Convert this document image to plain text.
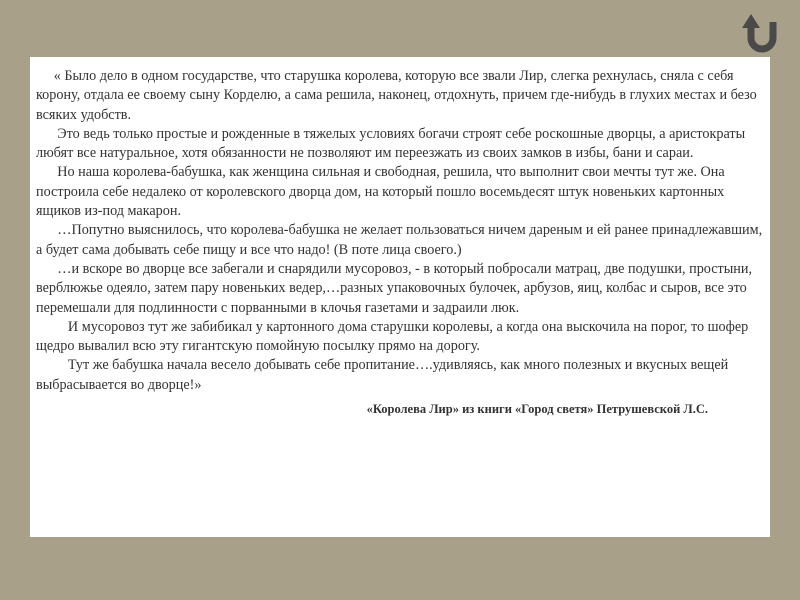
« Было дело в одном государстве, что старушка королева, которую все звали Лир, слегка рехнулась, сняла с себя корону, отдала ее своему сыну Корделю, а сама решила, наконец, отдохнуть, причем где-нибудь в глухих местах и безо всяких удобств.

Это ведь только простые и рожденные в тяжелых условиях богачи строят себе роскошные дворцы, а аристократы любят все натуральное, хотя обязанности не позволяют им переезжать из своих замков в избы, бани и сараи.

Но наша королева-бабушка, как женщина сильная и свободная, решила, что выполнит свои мечты тут же. Она построила себе недалеко от королевского дворца дом, на который пошло восемьдесят штук новеньких картонных ящиков из-под макарон.

…Попутно выяснилось, что королева-бабушка не желает пользоваться ничем дареным и ей ранее принадлежавшим, а будет сама добывать себе пищу и все что надо! (В поте лица своего.)

…и вскоре во дворце все забегали и снарядили мусоровоз, - в который побросали матрац, две подушки, простыни, верблюжье одеяло, затем пару новеньких ведер,…разных упаковочных булочек, арбузов, яиц, колбас и сыров, все это перемешали для подлинности с порванными в клочья газетами и задраили люк.

И мусоровоз тут же забибикал у картонного дома старушки королевы, а когда она выскочила на порог, то шофер щедро вывалил всю эту гигантскую помойную посылку прямо на дорогу.

Тут же бабушка начала весело добывать себе пропитание….удивляясь, как много полезных и вкусных вещей выбрасывается во дворце!»

«Королева Лир» из книги «Город светя» Петрушевской Л.С.
